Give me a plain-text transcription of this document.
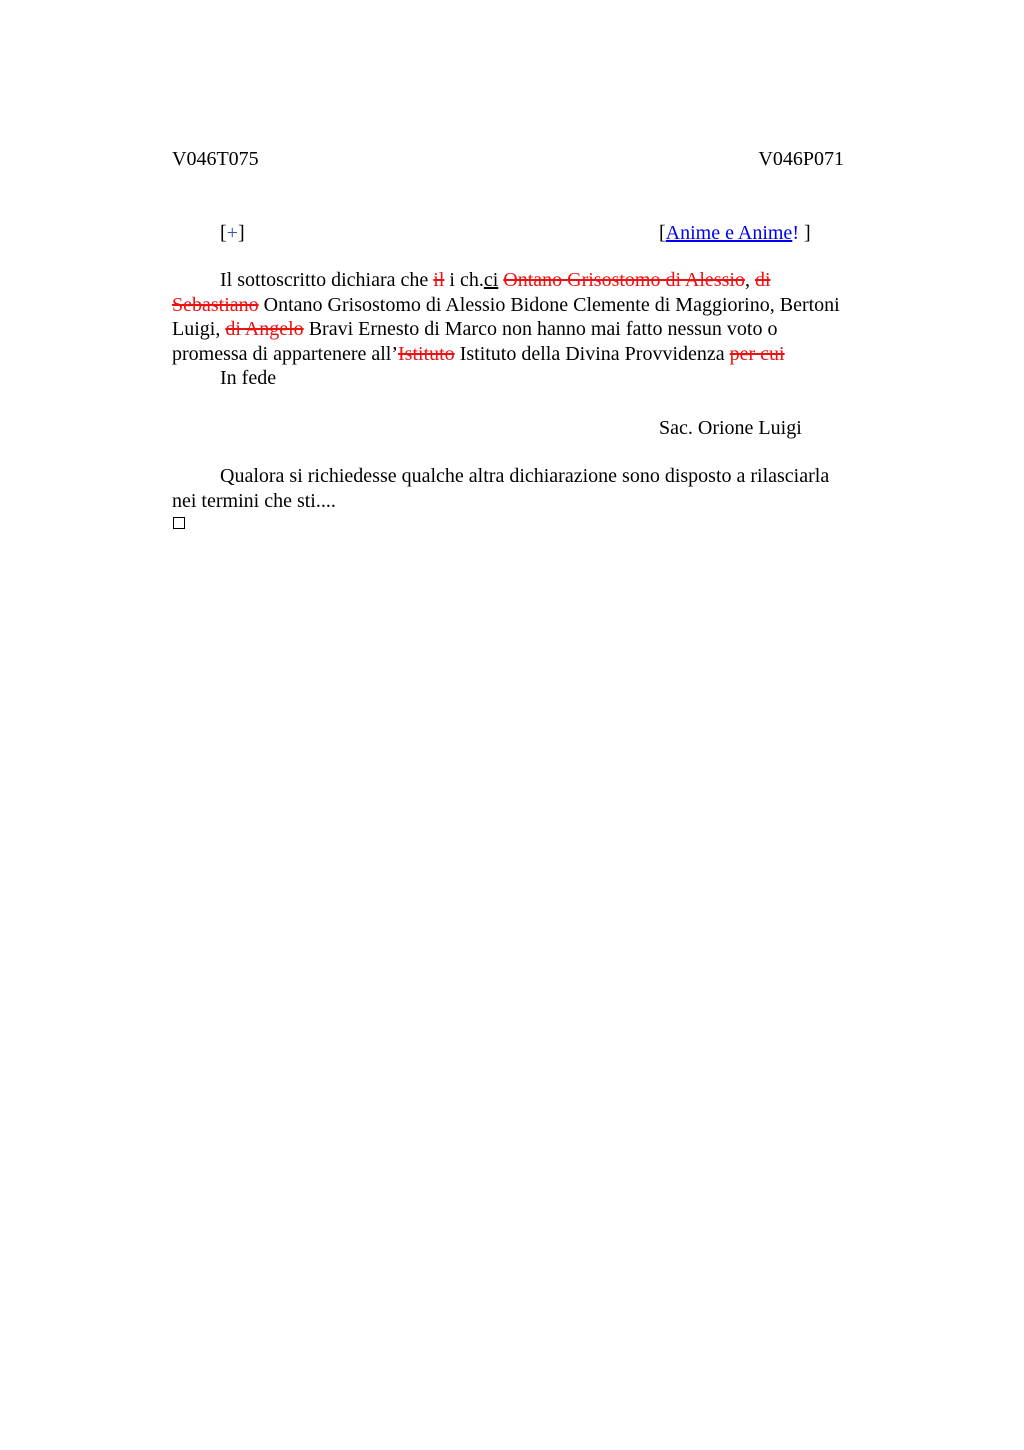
V046T075	V046P071
[+]	[Anime e Anime! ]

Il sottoscritto dichiara che il i ch.ci Ontano Grisostomo di Alessio, di Sebastiano Ontano Grisostomo di Alessio Bidone Clemente di Maggiorino, Bertoni Luigi, di Angelo Bravi Ernesto di Marco non hanno mai fatto nessun voto o promessa di appartenere all’Istituto Istituto della Divina Provvidenza per cui

In fede

Sac. Orione Luigi

Qualora si richiedesse qualche altra dichiarazione sono disposto a rilasciarla nei termini che sti....
